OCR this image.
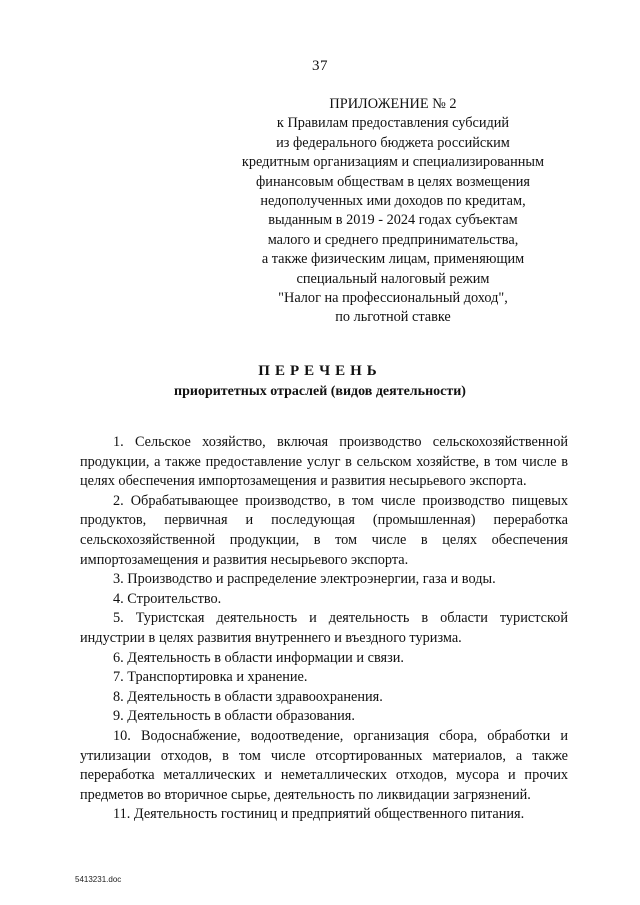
37
ПРИЛОЖЕНИЕ № 2
к Правилам предоставления субсидий
из федерального бюджета российским
кредитным организациям и специализированным
финансовым обществам в целях возмещения
недополученных ими доходов по кредитам,
выданным в 2019 - 2024 годах субъектам
малого и среднего предпринимательства,
а также физическим лицам, применяющим
специальный налоговый режим
"Налог на профессиональный доход",
по льготной ставке
ПЕРЕЧЕНЬ
приоритетных отраслей (видов деятельности)

1. Сельское хозяйство, включая производство сельскохозяйственной продукции, а также предоставление услуг в сельском хозяйстве, в том числе в целях обеспечения импортозамещения и развития несырьевого экспорта.

2. Обрабатывающее производство, в том числе производство пищевых продуктов, первичная и последующая (промышленная) переработка сельскохозяйственной продукции, в том числе в целях обеспечения импортозамещения и развития несырьевого экспорта.

3. Производство и распределение электроэнергии, газа и воды.

4. Строительство.

5. Туристская деятельность и деятельность в области туристской индустрии в целях развития внутреннего и въездного туризма.

6. Деятельность в области информации и связи.

7. Транспортировка и хранение.

8. Деятельность в области здравоохранения.

9. Деятельность в области образования.

10. Водоснабжение, водоотведение, организация сбора, обработки и утилизации отходов, в том числе отсортированных материалов, а также переработка металлических и неметаллических отходов, мусора и прочих предметов во вторичное сырье, деятельность по ликвидации загрязнений.

11. Деятельность гостиниц и предприятий общественного питания.

5413231.doc
